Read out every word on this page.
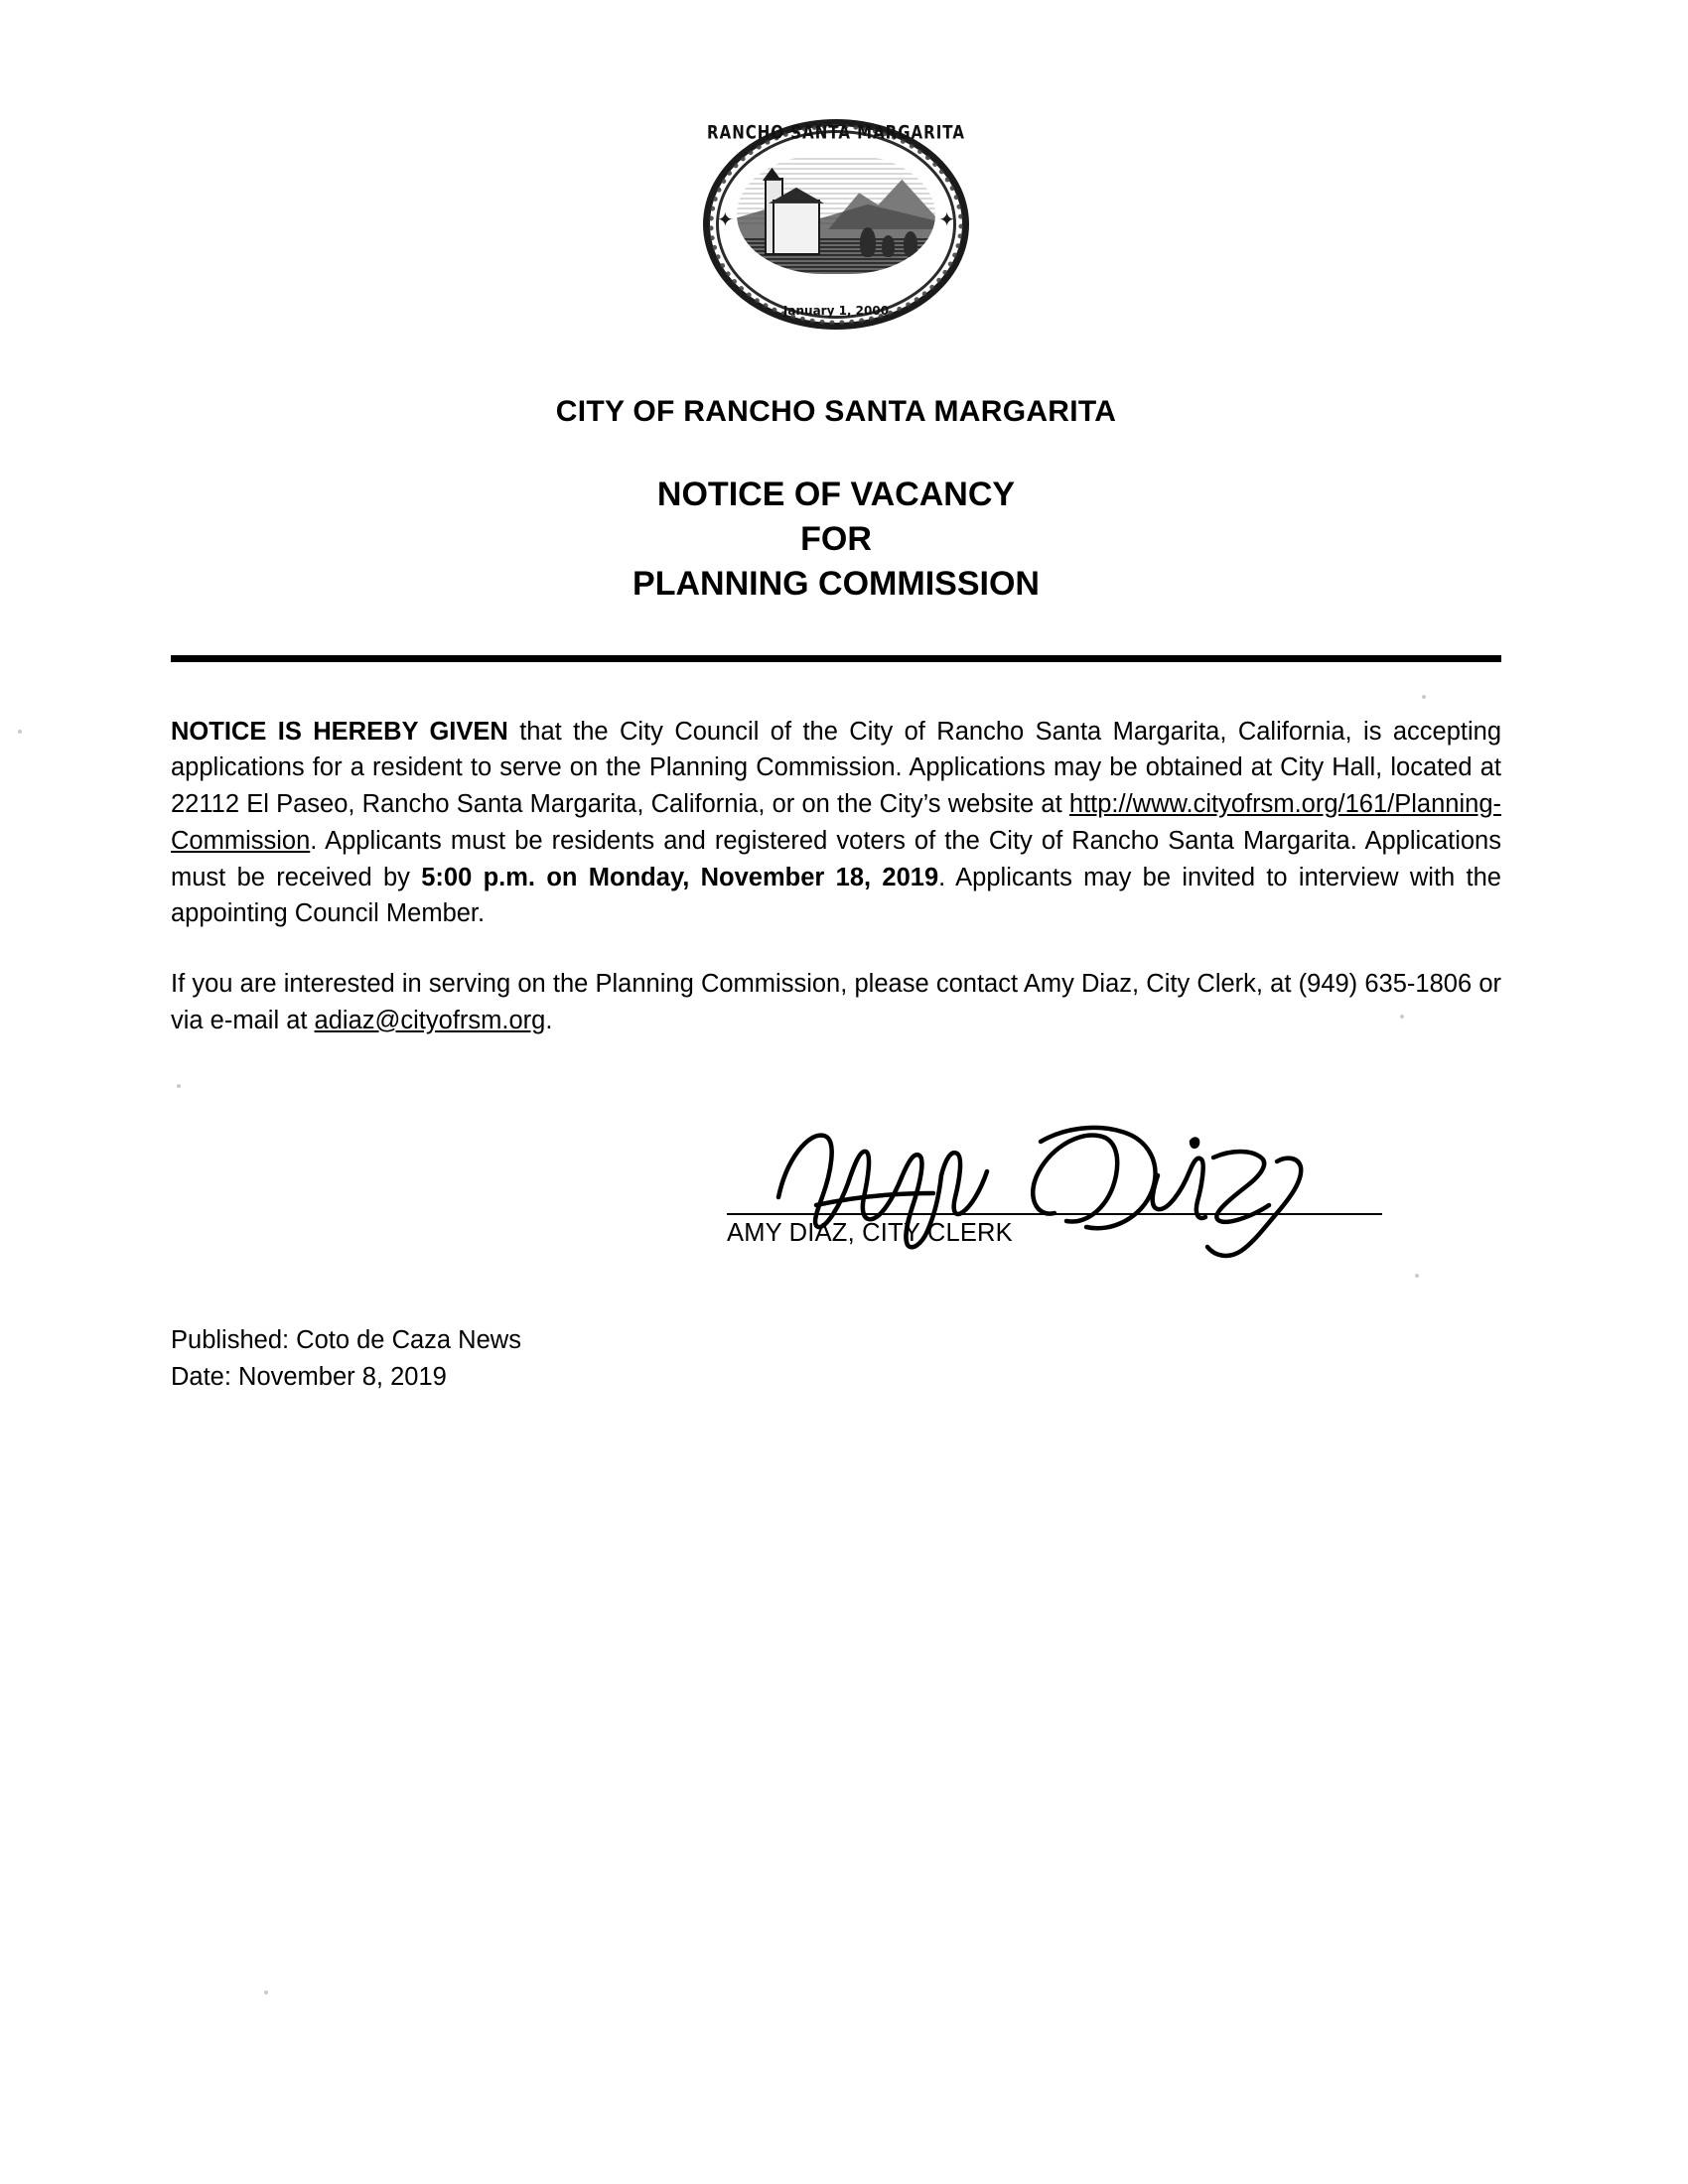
RANCHO SANTA MARGARITA
January 1, 2000
✦	✦
CITY OF RANCHO SANTA MARGARITA
NOTICE OF VACANCY
FOR
PLANNING COMMISSION

NOTICE IS HEREBY GIVEN that the City Council of the City of Rancho Santa Margarita, California, is accepting applications for a resident to serve on the Planning Commission. Applications may be obtained at City Hall, located at 22112 El Paseo, Rancho Santa Margarita, California, or on the City’s website at http://www.cityofrsm.org/161/Planning-Commission. Applicants must be residents and registered voters of the City of Rancho Santa Margarita. Applications must be received by 5:00 p.m. on Monday, November 18, 2019. Applicants may be invited to interview with the appointing Council Member.

If you are interested in serving on the Planning Commission, please contact Amy Diaz, City Clerk, at (949) 635-1806 or via e-mail at adiaz@cityofrsm.org.

AMY DIAZ, CITY CLERK
Published: Coto de Caza News
Date: November 8, 2019
